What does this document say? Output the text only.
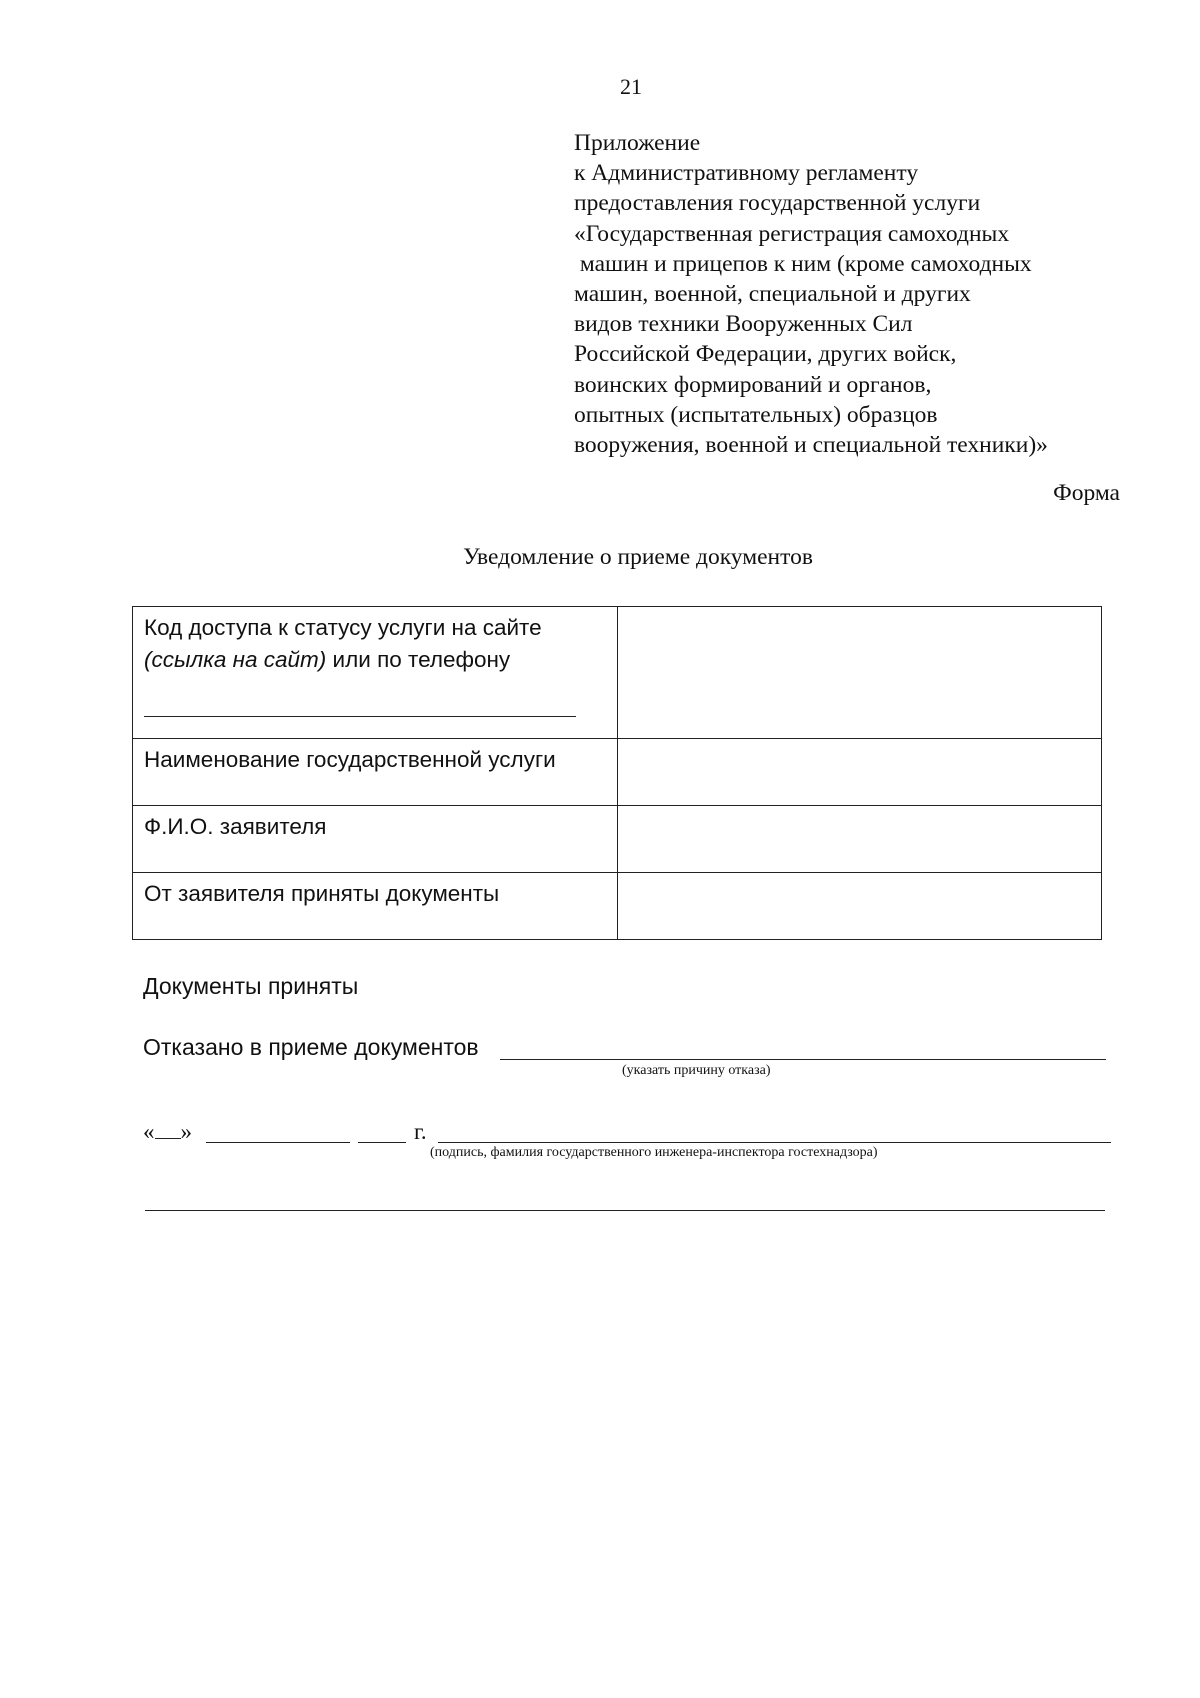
21
Приложение
к Административному регламенту
предоставления государственной услуги
«Государственная регистрация самоходных
машин и прицепов к ним (кроме самоходных
машин, военной, специальной и других
видов техники Вооруженных Сил
Российской Федерации, других войск,
воинских формирований и органов,
опытных (испытательных) образцов
вооружения, военной и специальной техники)»
Форма
Уведомление о приеме документов
Код доступа к статусу услуги на сайте
(ссылка на сайт) или по телефону

Наименование государственной услуги	
Ф.И.О. заявителя	
От заявителя приняты документы	
Документы приняты
Отказано в приеме документов
(указать причину отказа)
« »	г.
(подпись, фамилия государственного инженера-инспектора гостехнадзора)
